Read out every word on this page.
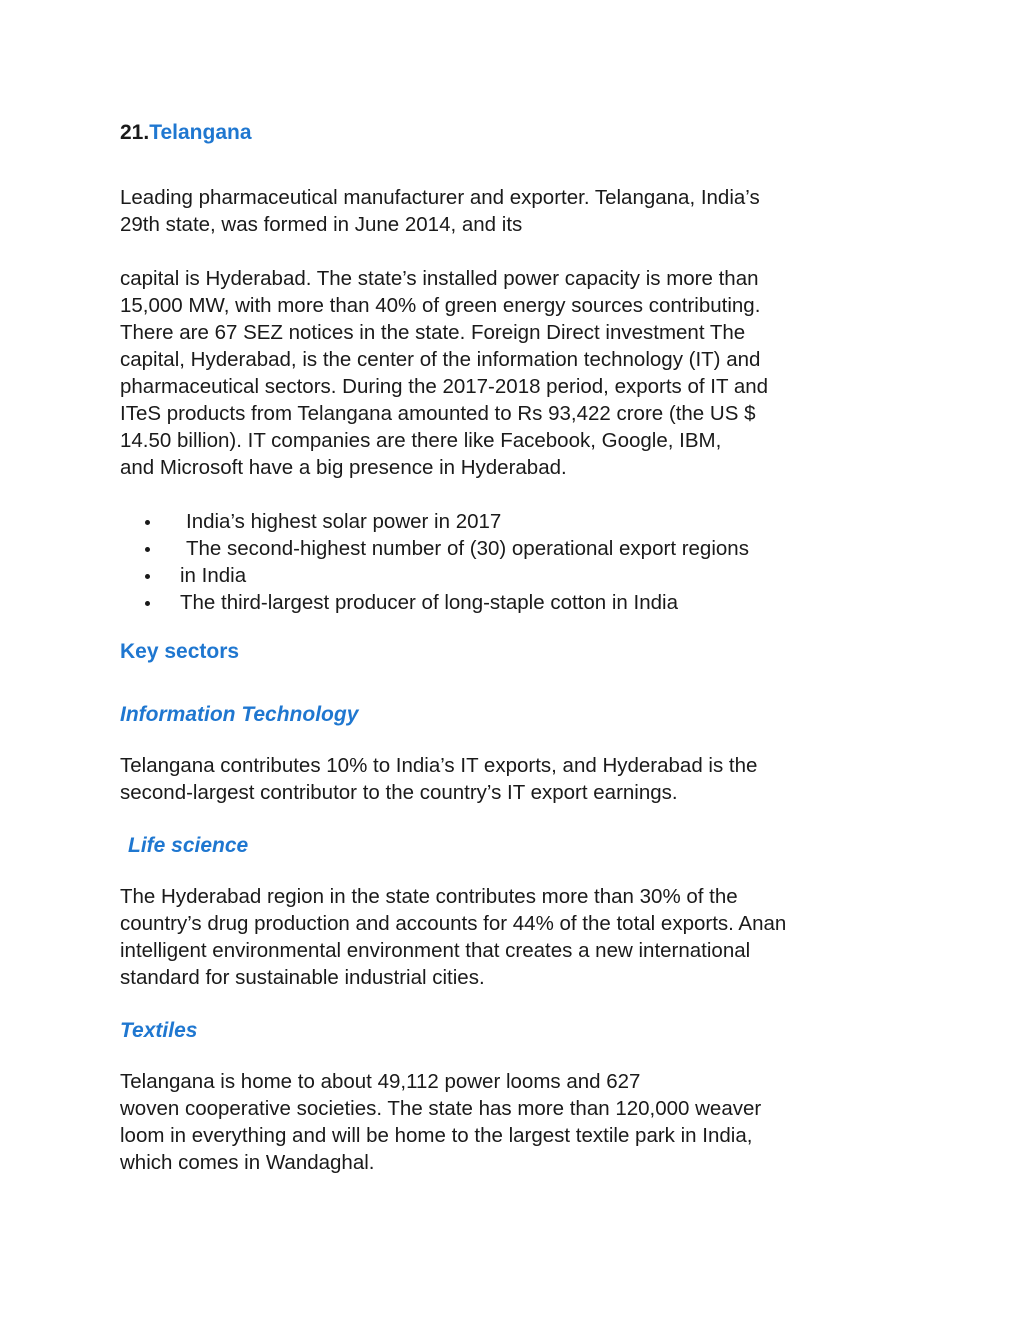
21.Telangana

Leading pharmaceutical manufacturer and exporter. Telangana, India’s
29th state, was formed in June 2014, and its

capital is Hyderabad. The state’s installed power capacity is more than
15,000 MW, with more than 40% of green energy sources contributing.
There are 67 SEZ notices in the state. Foreign Direct investment The
capital, Hyderabad, is the center of the information technology (IT) and
pharmaceutical sectors. During the 2017-2018 period, exports of IT and
ITeS products from Telangana amounted to Rs 93,422 crore (the US $
14.50 billion). IT companies are there like Facebook, Google, IBM,
and Microsoft have a big presence in Hyderabad.

India’s highest solar power in 2017
The second-highest number of (30) operational export regions
in India
The third-largest producer of long-staple cotton in India
Key sectors
Information Technology

Telangana contributes 10% to India’s IT exports, and Hyderabad is the
second-largest contributor to the country’s IT export earnings.

Life science

The Hyderabad region in the state contributes more than 30% of the
country’s drug production and accounts for 44% of the total exports. Anan
intelligent environmental environment that creates a new international
standard for sustainable industrial cities.

Textiles

Telangana is home to about 49,112 power looms and 627
woven cooperative societies. The state has more than 120,000 weaver
loom in everything and will be home to the largest textile park in India,
which comes in Wandaghal.
